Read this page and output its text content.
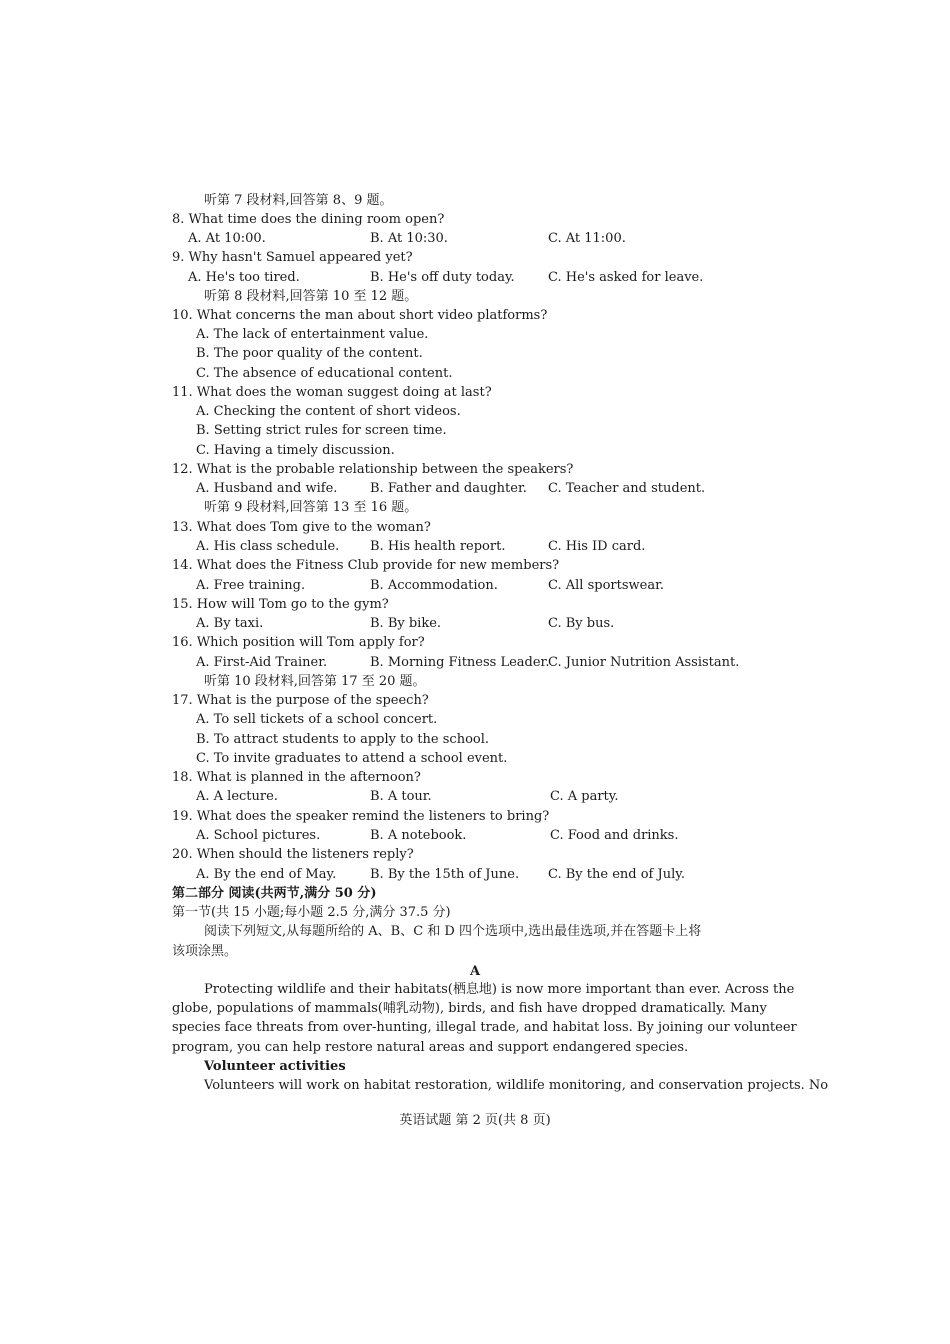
听第 7 段材料,回答第 8、9 题。
8. What time does the dining room open?
A. At 10:00.	B. At 10:30.	C. At 11:00.
9. Why hasn't Samuel appeared yet?
A. He's too tired.	B. He's off duty today.	C. He's asked for leave.
听第 8 段材料,回答第 10 至 12 题。
10. What concerns the man about short video platforms?
A. The lack of entertainment value.
B. The poor quality of the content.
C. The absence of educational content.
11. What does the woman suggest doing at last?
A. Checking the content of short videos.
B. Setting strict rules for screen time.
C. Having a timely discussion.
12. What is the probable relationship between the speakers?
A. Husband and wife.	B. Father and daughter. C. Teacher and student.
听第 9 段材料,回答第 13 至 16 题。
13. What does Tom give to the woman?
A. His class schedule. B. His health report.	C. His ID card.
14. What does the Fitness Club provide for new members?
A. Free training.	B. Accommodation.	C. All sportswear.
15. How will Tom go to the gym?
A. By taxi.	B. By bike.	C. By bus.
16. Which position will Tom apply for?
A. First-Aid Trainer.	B. Morning Fitness Leader.
C. Junior Nutrition Assistant.
听第 10 段材料,回答第 17 至 20 题。
17. What is the purpose of the speech?
A. To sell tickets of a school concert.
B. To attract students to apply to the school.
C. To invite graduates to attend a school event.
18. What is planned in the afternoon?
A. A lecture.	B. A tour.	C. A party.
19. What does the speaker remind the listeners to bring?
A. School pictures.	B. A notebook.	C. Food and drinks.
20. When should the listeners reply?
A. By the end of May.	B. By the 15th of June. C. By the end of July.
第二部分 阅读(共两节,满分 50 分)
第一节(共 15 小题;每小题 2.5 分,满分 37.5 分)
阅读下列短文,从每题所给的 A、B、C 和 D 四个选项中,选出最佳选项,并在答题卡上将
该项涂黑。
A
Protecting wildlife and their habitats(栖息地) is now more important than ever. Across the
globe, populations of mammals(哺乳动物), birds, and fish have dropped dramatically. Many
species face threats from over-hunting, illegal trade, and habitat loss. By joining our volunteer
program, you can help restore natural areas and support endangered species.
Volunteer activities
Volunteers will work on habitat restoration, wildlife monitoring, and conservation projects. No
英语试题 第 2 页(共 8 页)
